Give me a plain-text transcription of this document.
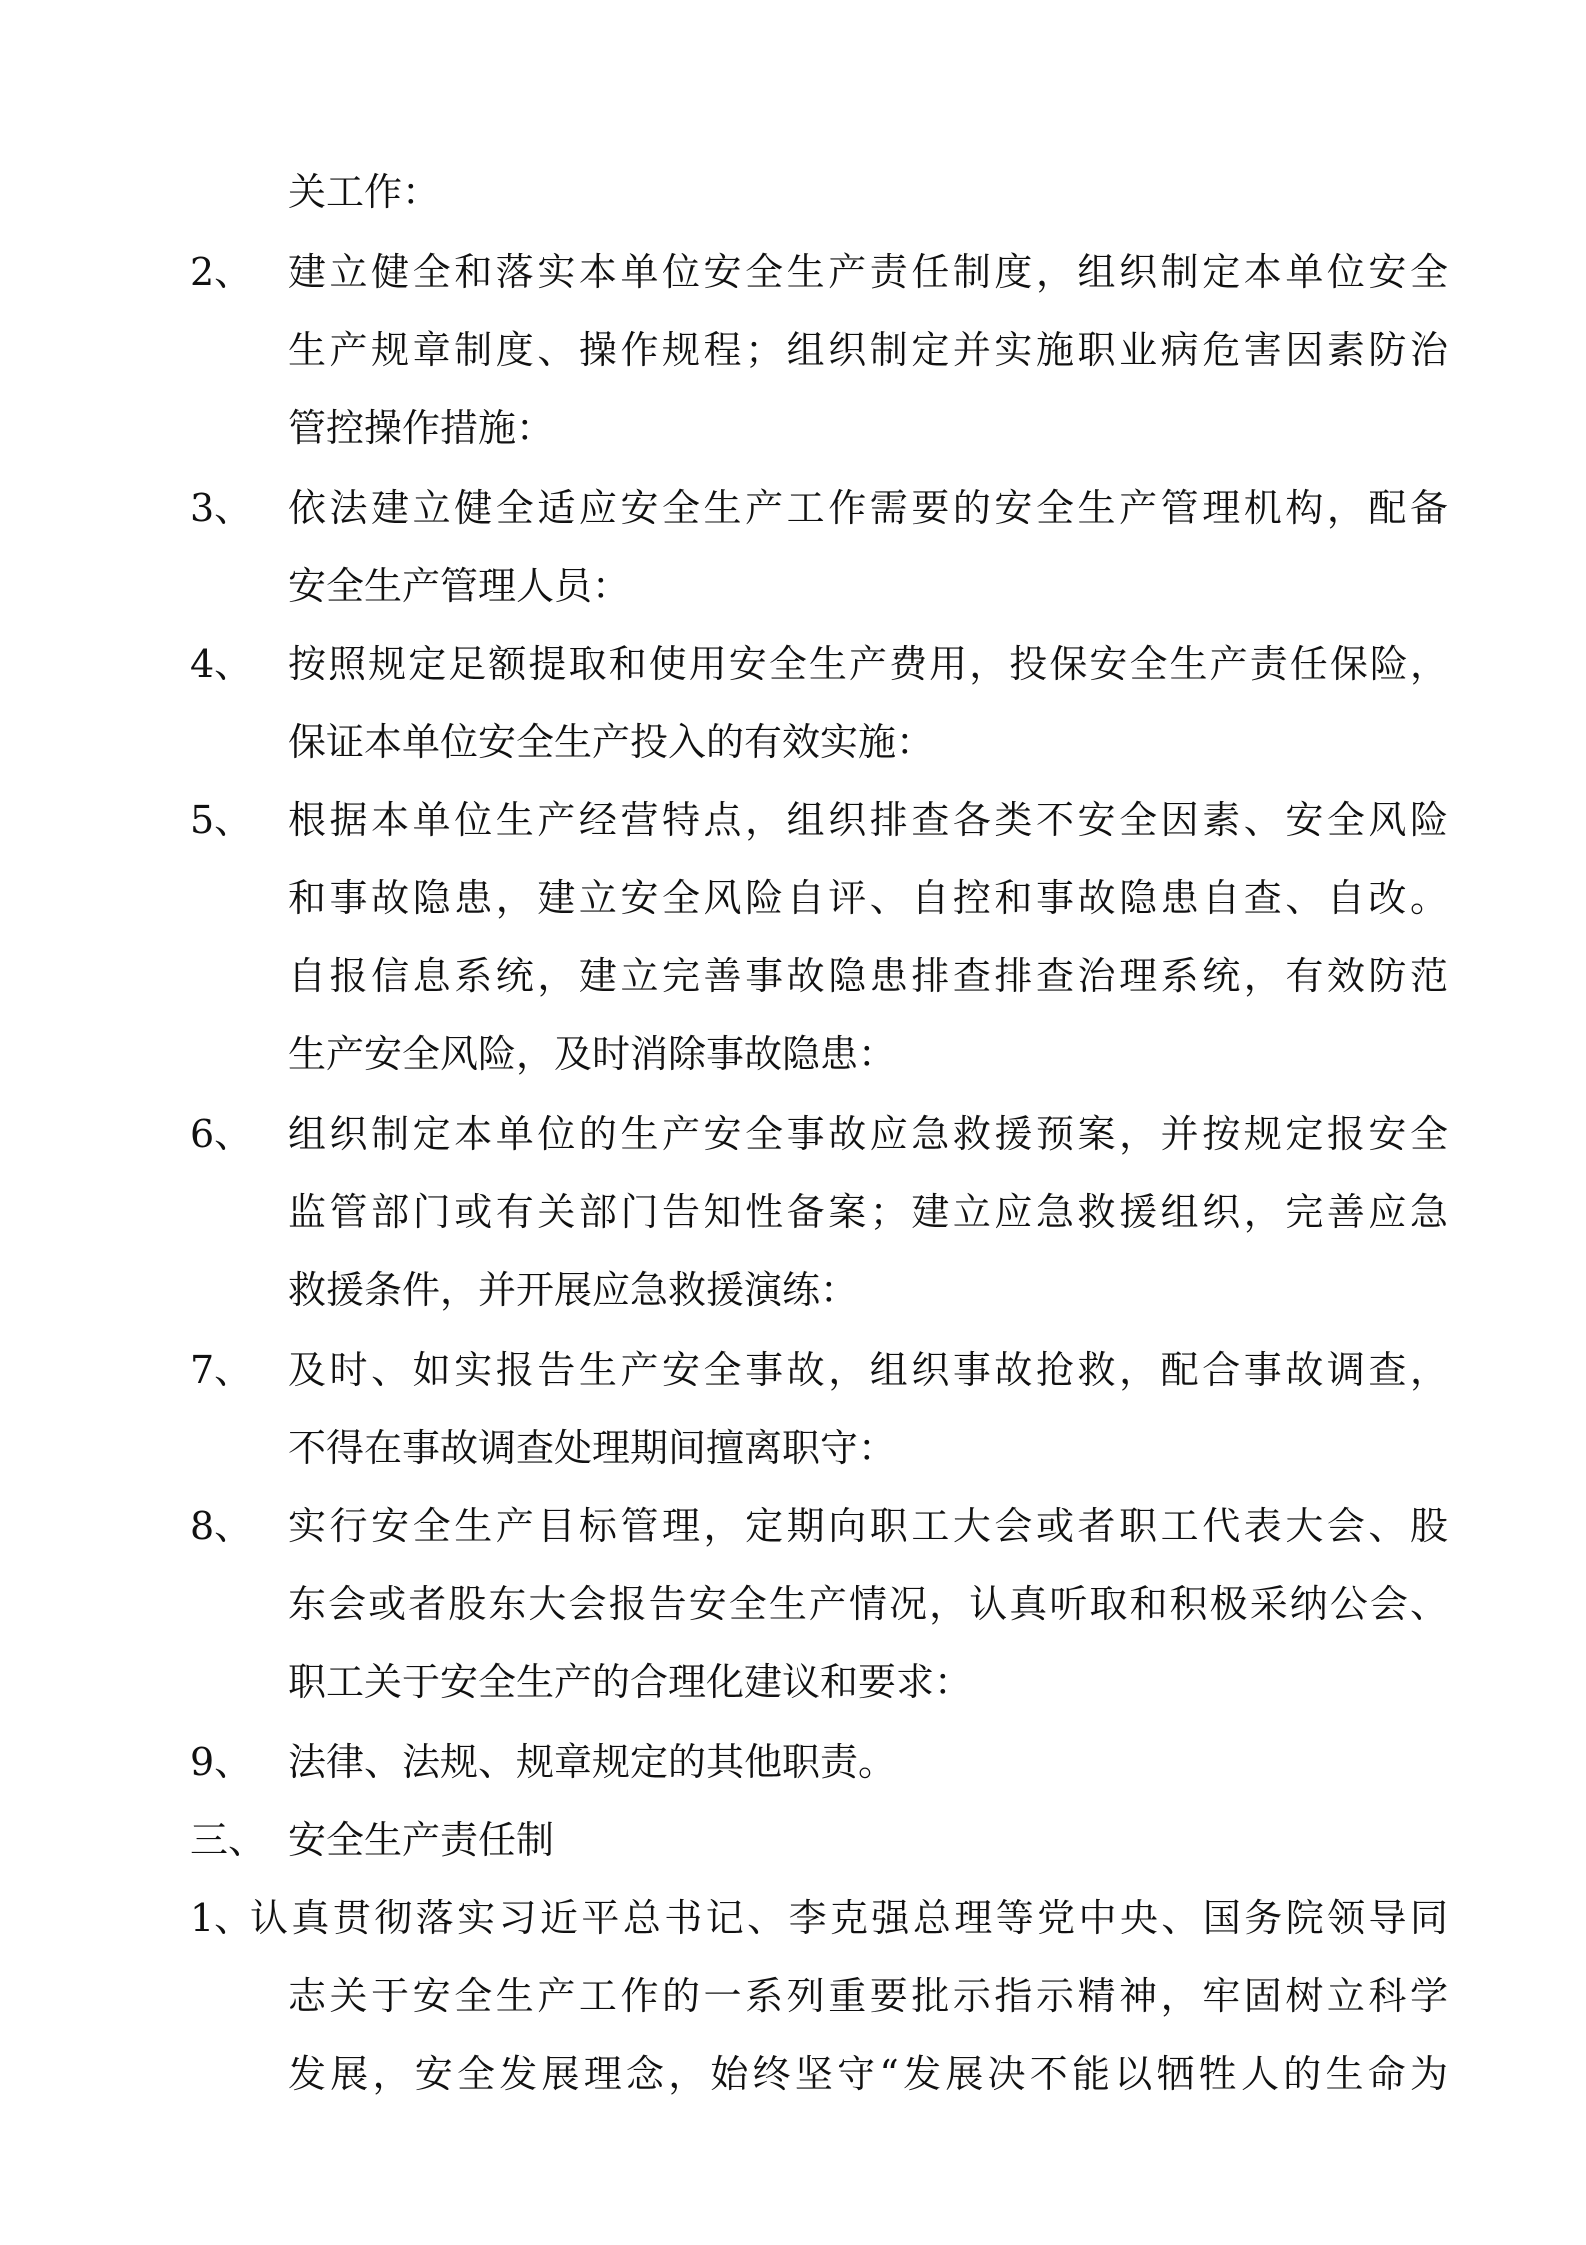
关工作：
2、 建立健全和落实本单位安全生产责任制度，组织制定本单位安全
生产规章制度、操作规程；组织制定并实施职业病危害因素防治
管控操作措施：
3、 依法建立健全适应安全生产工作需要的安全生产管理机构，配备
安全生产管理人员：
4、 按照规定足额提取和使用安全生产费用，投保安全生产责任保险，
保证本单位安全生产投入的有效实施：
5、 根据本单位生产经营特点，组织排查各类不安全因素、安全风险
和事故隐患，建立安全风险自评、自控和事故隐患自查、自改。
自报信息系统，建立完善事故隐患排查排查治理系统，有效防范
生产安全风险，及时消除事故隐患：
6、 组织制定本单位的生产安全事故应急救援预案，并按规定报安全
监管部门或有关部门告知性备案；建立应急救援组织，完善应急
救援条件，并开展应急救援演练：
7、 及时、如实报告生产安全事故，组织事故抢救，配合事故调查，
不得在事故调查处理期间擅离职守：
8、 实行安全生产目标管理，定期向职工大会或者职工代表大会、股
东会或者股东大会报告安全生产情况，认真听取和积极采纳公会、
职工关于安全生产的合理化建议和要求：
9、 法律、法规、规章规定的其他职责。
三、 安全生产责任制
1、
认真贯彻落实习近平总书记、李克强总理等党中央、国务院领导同
志关于安全生产工作的一系列重要批示指示精神，牢固树立科学
发展，安全发展理念，始终坚守“发展决不能以牺牲人的生命为
